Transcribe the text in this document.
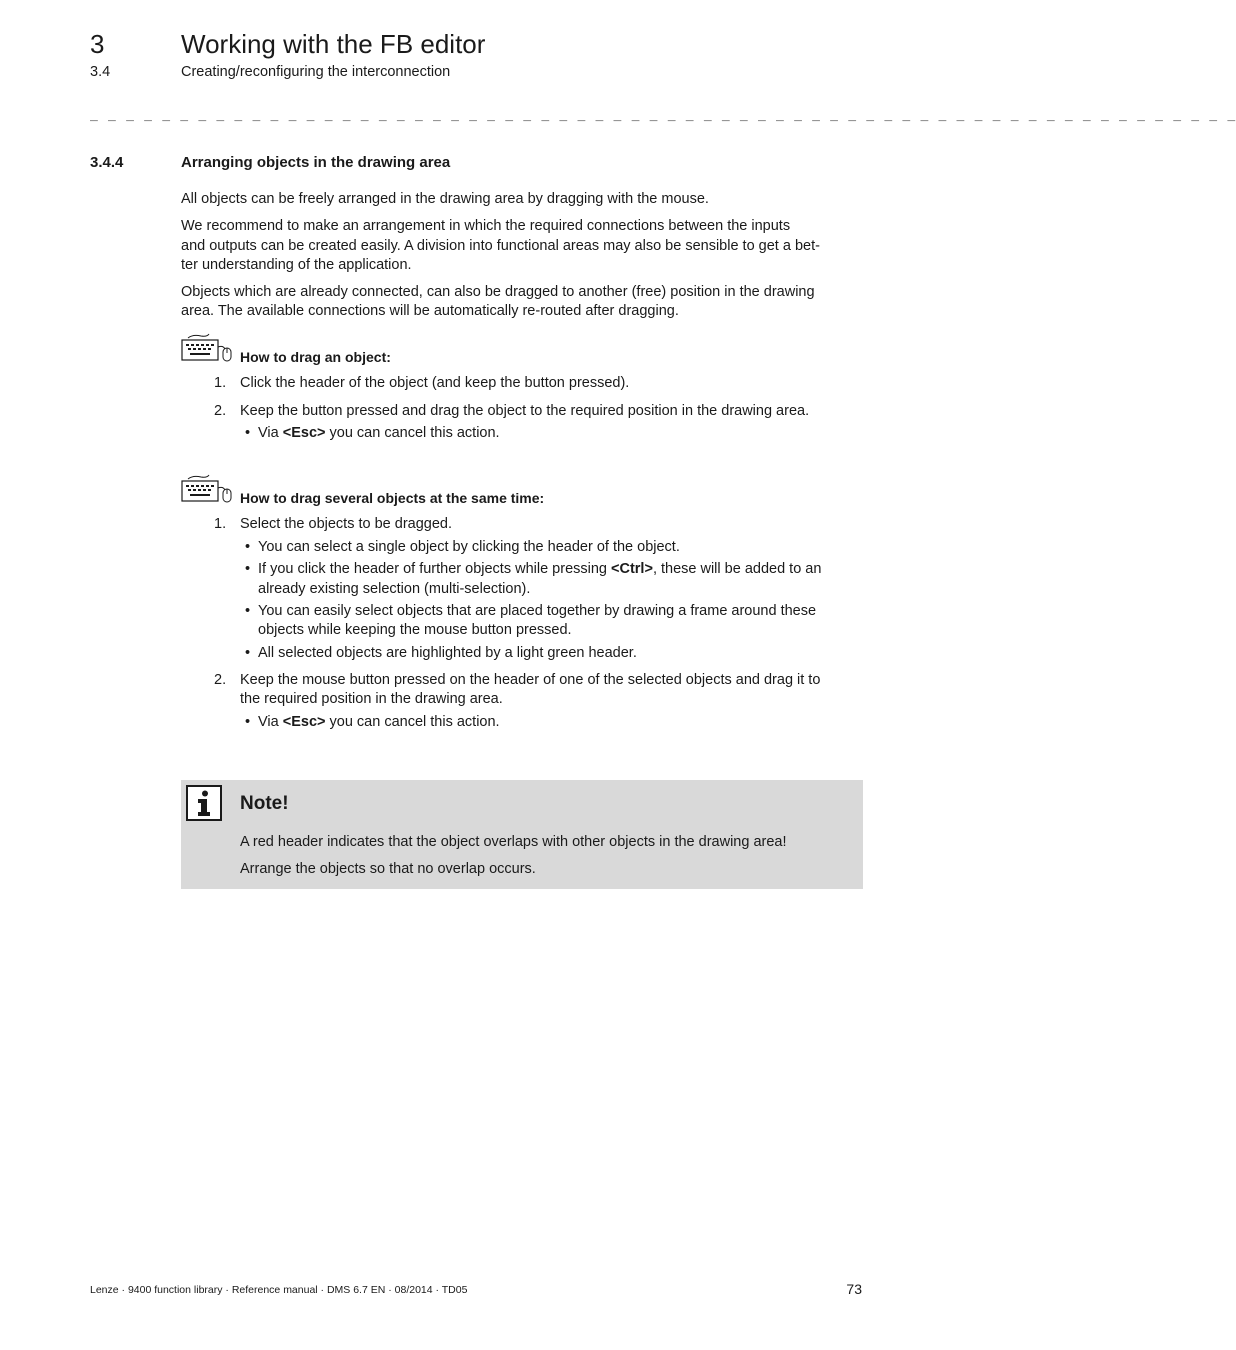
3	Working with the FB editor
3.4	Creating/reconfiguring the interconnection
_ _ _ _ _ _ _ _ _ _ _ _ _ _ _ _ _ _ _ _ _ _ _ _ _ _ _ _ _ _ _ _ _ _ _ _ _ _ _ _ _ _ _ _ _ _ _ _ _ _ _ _ _ _ _ _ _ _ _ _ _ _ _ _
3.4.4	Arranging objects in the drawing area
All objects can be freely arranged in the drawing area by dragging with the mouse.
We recommend to make an arrangement in which the required connections between the inputs
and outputs can be created easily. A division into functional areas may also be sensible to get a bet-
ter understanding of the application.
Objects which are already connected, can also be dragged to another (free) position in the drawing
area. The available connections will be automatically re-routed after dragging.
How to drag an object:
1. Click the header of the object (and keep the button pressed).
2. Keep the button pressed and drag the object to the required position in the drawing area.
• Via <Esc> you can cancel this action.
How to drag several objects at the same time:
1. Select the objects to be dragged.
• You can select a single object by clicking the header of the object.
• If you click the header of further objects while pressing <Ctrl>, these will be added to an
already existing selection (multi-selection).
• You can easily select objects that are placed together by drawing a frame around these
objects while keeping the mouse button pressed.
• All selected objects are highlighted by a light green header.
2. Keep the mouse button pressed on the header of one of the selected objects and drag it to
the required position in the drawing area.
• Via <Esc> you can cancel this action.
Note!
A red header indicates that the object overlaps with other objects in the drawing area!
Arrange the objects so that no overlap occurs.
Lenze · 9400 function library · Reference manual · DMS 6.7 EN · 08/2014 · TD05	73
